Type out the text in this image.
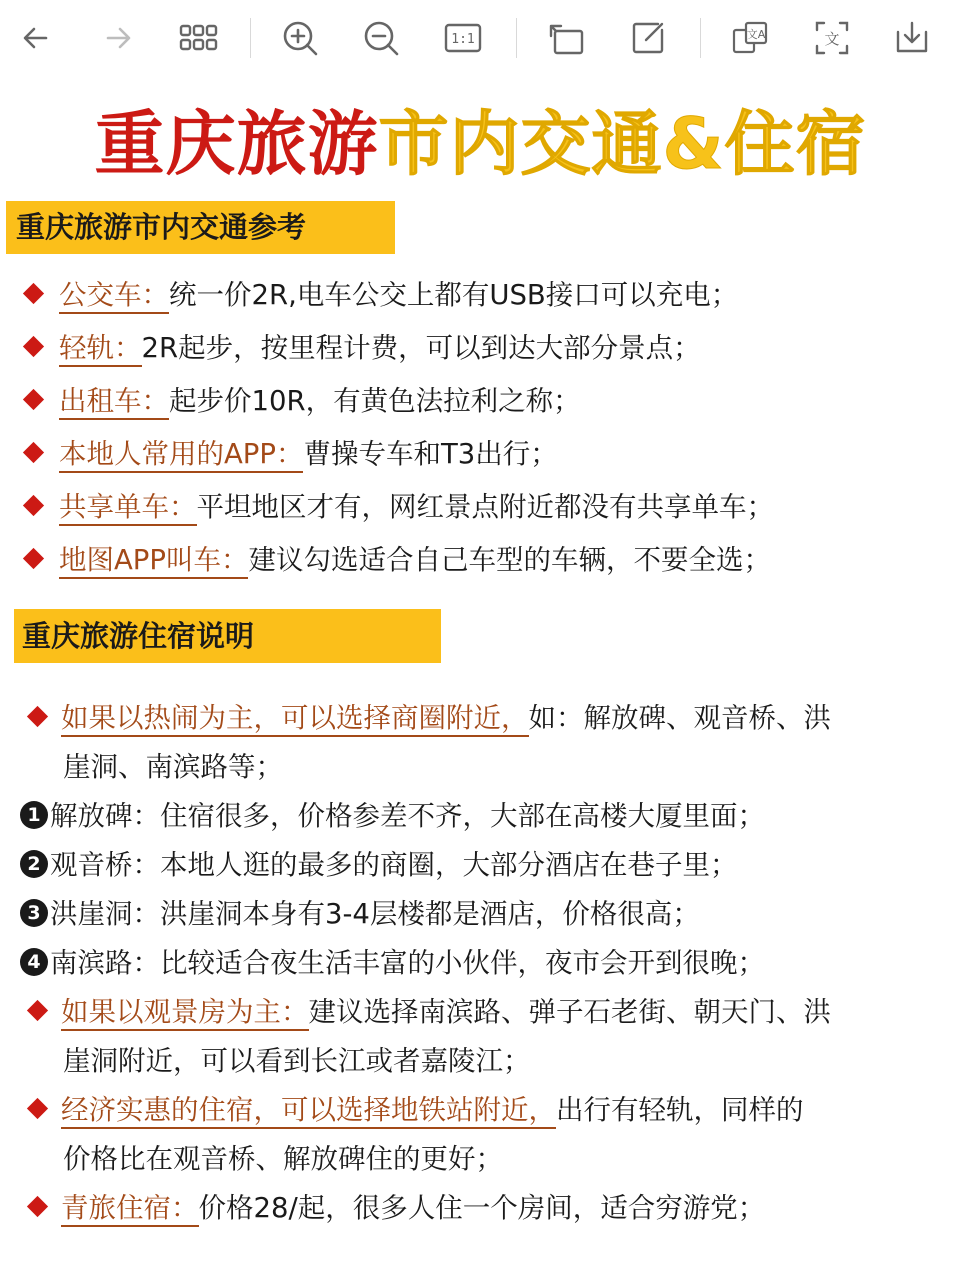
1:1	文A	文
重庆旅游市内交通&住宿
重庆旅游市内交通参考
公交车：统一价2R,电车公交上都有USB接口可以充电；
轻轨：2R起步，按里程计费，可以到达大部分景点；
出租车：起步价10R，有黄色法拉利之称；
本地人常用的APP：曹操专车和T3出行；
共享单车：平坦地区才有，网红景点附近都没有共享单车；
地图APP叫车：建议勾选适合自己车型的车辆，不要全选；
重庆旅游住宿说明
如果以热闹为主，可以选择商圈附近，如：解放碑、观音桥、洪
崖洞、南滨路等；
1 解放碑：住宿很多，价格参差不齐，大部在高楼大厦里面；
2 观音桥：本地人逛的最多的商圈，大部分酒店在巷子里；
3 洪崖洞：洪崖洞本身有3-4层楼都是酒店，价格很高；
4 南滨路：比较适合夜生活丰富的小伙伴，夜市会开到很晚；
如果以观景房为主：建议选择南滨路、弹子石老街、朝天门、洪
崖洞附近，可以看到长江或者嘉陵江；
经济实惠的住宿，可以选择地铁站附近，出行有轻轨，同样的
价格比在观音桥、解放碑住的更好；
青旅住宿：价格28/起，很多人住一个房间，适合穷游党；
